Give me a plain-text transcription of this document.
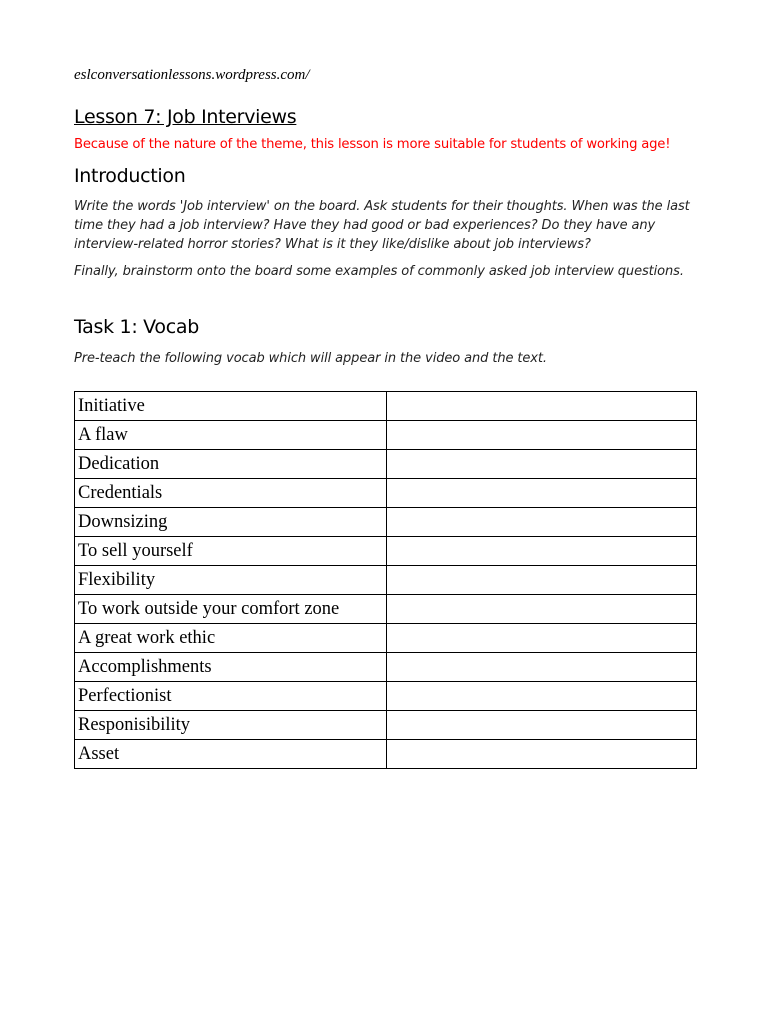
eslconversationlessons.wordpress.com/
Lesson 7: Job Interviews

Because of the nature of the theme, this lesson is more suitable for students of working age!

Introduction

Write the words 'Job interview' on the board. Ask students for their thoughts. When was the last time they had a job interview? Have they had good or bad experiences? Do they have any interview-related horror stories? What is it they like/dislike about job interviews?

Finally, brainstorm onto the board some examples of commonly asked job interview questions.

Task 1: Vocab

Pre-teach the following vocab which will appear in the video and the text.

Initiative	
A flaw	
Dedication	
Credentials	
Downsizing	
To sell yourself	
Flexibility	
To work outside your comfort zone	
A great work ethic	
Accomplishments	
Perfectionist	
Responisibility	
Asset	
